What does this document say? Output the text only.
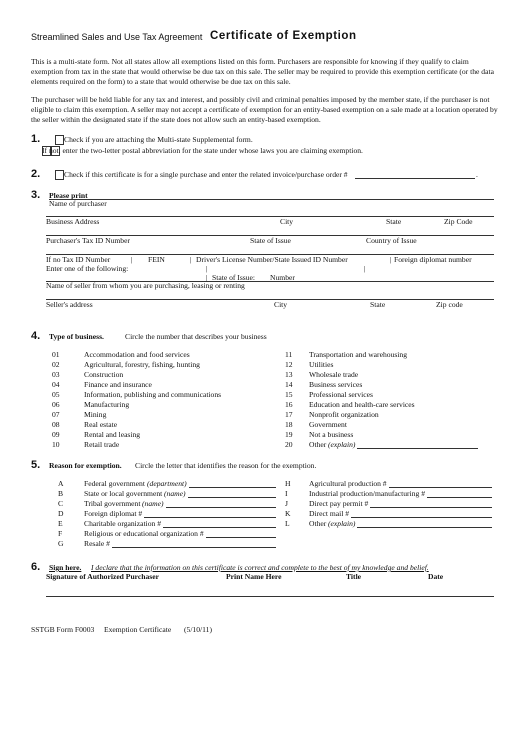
Streamlined Sales and Use Tax Agreement Certificate of Exemption
This is a multi-state form. Not all states allow all exemptions listed on this form. Purchasers are responsible for knowing if they qualify to claim exemption from tax in the state that would otherwise be due tax on this sale. The seller may be required to provide this exemption certificate (or the data elements required on the form) to a state that would otherwise be due tax on this sale.
The purchaser will be held liable for any tax and interest, and possibly civil and criminal penalties imposed by the member state, if the purchaser is not eligible to claim this exemption. A seller may not accept a certificate of exemption for an entity-based exemption on a sale made at a location operated by the seller within the designated state if the state does not allow such an entity-based exemption.
1.	Check if you are attaching the Multi-state Supplemental form.
If not, enter the two-letter postal abbreviation for the state under whose laws you are claiming exemption.
2.	Check if this certificate is for a single purchase and enter the related invoice/purchase order #	.
3. Please print
Name of purchaser
Business Address	City	State	Zip Code
Purchaser's Tax ID Number	State of Issue	Country of Issue
If no Tax ID Number
Enter one of the following:
| FEIN	| Driver's License Number/State Issued ID Number	| Foreign diplomat number
|	|
| State of Issue: Number
Name of seller from whom you are purchasing, leasing or renting
Seller's address	City	State	Zip code
4. Type of business.	Circle the number that describes your business
5. Reason for exemption. Circle the letter that identifies the reason for the exemption.
6. Sign here. I declare that the information on this certificate is correct and complete to the best of my knowledge and belief.
Signature of Authorized Purchaser	Print Name Here	Title	Date
SSTGB Form F0003 Exemption Certificate (5/10/11)
01	Accommodation and food services
02	Agricultural, forestry, fishing, hunting
03	Construction
04	Finance and insurance
05	Information, publishing and communications
06	Manufacturing
07	Mining
08	Real estate
09	Rental and leasing
10	Retail trade
11 Transportation and warehousing
12 Utilities
13 Wholesale trade
14 Business services
15 Professional services
16 Education and health-care services
17 Nonprofit organization
18 Government
19 Not a business
20 Other (explain)
A	Federal government (department)
B	State or local government (name)
C	Tribal government (name)
D	Foreign diplomat #
E	Charitable organization #
F	Religious or educational organization #
G	Resale #
H Agricultural production #
I	Industrial production/manufacturing #
J	Direct pay permit #
K Direct mail #
L	Other (explain)
